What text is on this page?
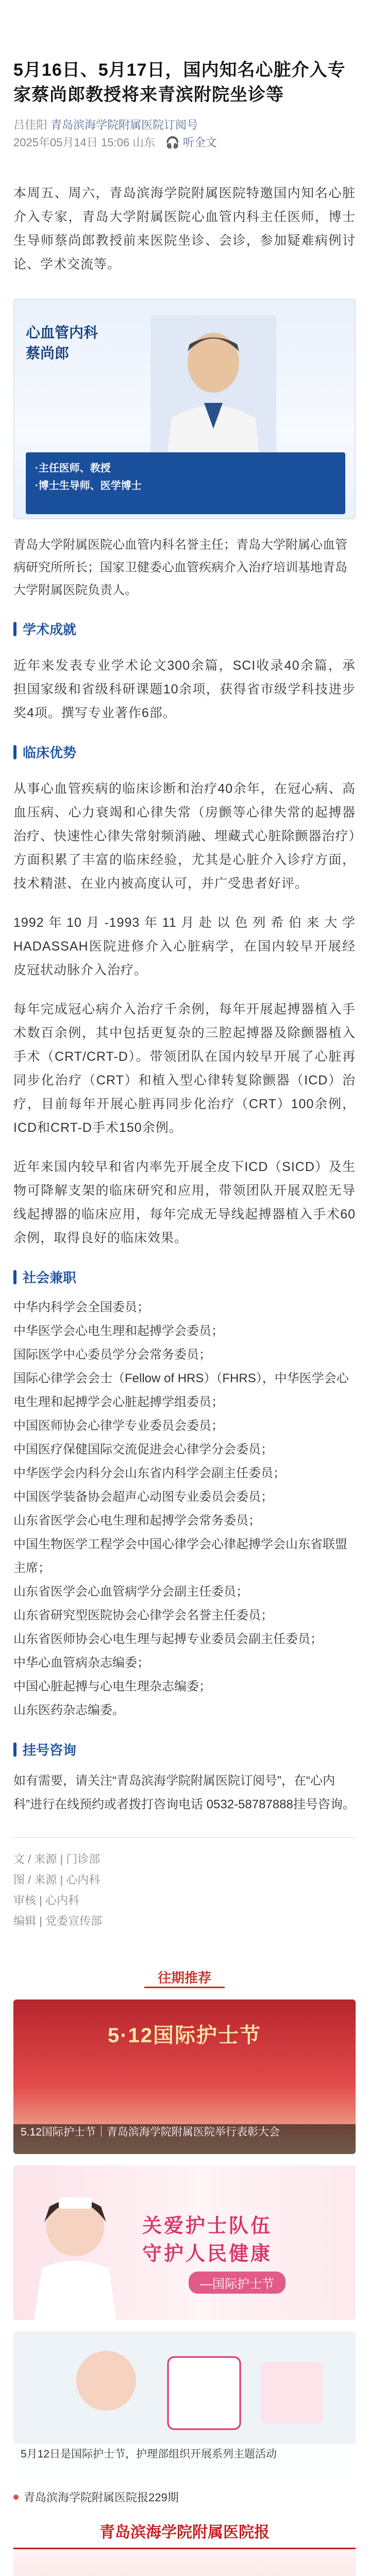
5月16日、5月17日，国内知名心脏介入专家蔡尚郎教授将来青滨附院坐诊等
吕佳阳 青岛滨海学院附属医院订阅号
2025年05月14日 15:06 山东 🎧 听全文

本周五、周六，青岛滨海学院附属医院特邀国内知名心脏介入专家，青岛大学附属医院心血管内科主任医师，博士生导师蔡尚郎教授前来医院坐诊、会诊，参加疑难病例讨论、学术交流等。

心血管内科
蔡尚郎
·主任医师、教授
·博士生导师、医学博士

青岛大学附属医院心血管内科名誉主任；青岛大学附属心血管病研究所所长；国家卫健委心血管疾病介入治疗培训基地青岛大学附属医院负责人。

学术成就

近年来发表专业学术论文300余篇，SCI收录40余篇，承担国家级和省级科研课题10余项，获得省市级学科技进步奖4项。撰写专业著作6部。

临床优势

从事心血管疾病的临床诊断和治疗40余年，在冠心病、高血压病、心力衰竭和心律失常（房颤等心律失常的起搏器治疗、快速性心律失常射频消融、埋藏式心脏除颤器治疗）方面积累了丰富的临床经验，尤其是心脏介入诊疗方面，技术精湛、在业内被高度认可，并广受患者好评。

1992年10月-1993年11月赴以色列希伯来大学HADASSAH医院进修介入心脏病学，在国内较早开展经皮冠状动脉介入治疗。

每年完成冠心病介入治疗千余例，每年开展起搏器植入手术数百余例，其中包括更复杂的三腔起搏器及除颤器植入手术（CRT/CRT-D）。带领团队在国内较早开展了心脏再同步化治疗（CRT）和植入型心律转复除颤器（ICD）治疗，目前每年开展心脏再同步化治疗（CRT）100余例，ICD和CRT-D手术150余例。

近年来国内较早和省内率先开展全皮下ICD（SICD）及生物可降解支架的临床研究和应用，带领团队开展双腔无导线起搏器的临床应用，每年完成无导线起搏器植入手术60余例，取得良好的临床效果。

社会兼职

中华内科学会全国委员；

中华医学会心电生理和起搏学会委员；

国际医学中心委员学分会常务委员；

国际心律学会会士（Fellow of HRS）（FHRS），中华医学会心电生理和起搏学会心脏起搏学组委员；

中国医师协会心律学专业委员会委员；

中国医疗保健国际交流促进会心律学分会委员；

中华医学会内科分会山东省内科学会副主任委员；

中国医学装备协会超声心动图专业委员会委员；

山东省医学会心电生理和起搏学会常务委员；

中国生物医学工程学会中国心律学会心律起搏学会山东省联盟主席；

山东省医学会心血管病学分会副主任委员；

山东省研究型医院协会心律学会名誉主任委员；

山东省医师协会心电生理与起搏专业委员会副主任委员；

中华心血管病杂志编委；

中国心脏起搏与心电生理杂志编委；

山东医药杂志编委。

挂号咨询

如有需要，请关注“青岛滨海学院附属医院订阅号”，在“心内科”进行在线预约或者拨打咨询电话 0532-58787888挂号咨询。

文 / 来源 | 门诊部
图 / 来源 | 心内科
审核 | 心内科
编辑 | 党委宣传部
往期推荐
5·12国际护士节
5.12国际护士节｜青岛滨海学院附属医院举行表彰大会
关爱护士队伍
守护人民健康
—国际护士节
5月12日是国际护士节，护理部组织开展系列主题活动
青岛滨海学院附属医院报229期
青岛滨海学院附属医院报
